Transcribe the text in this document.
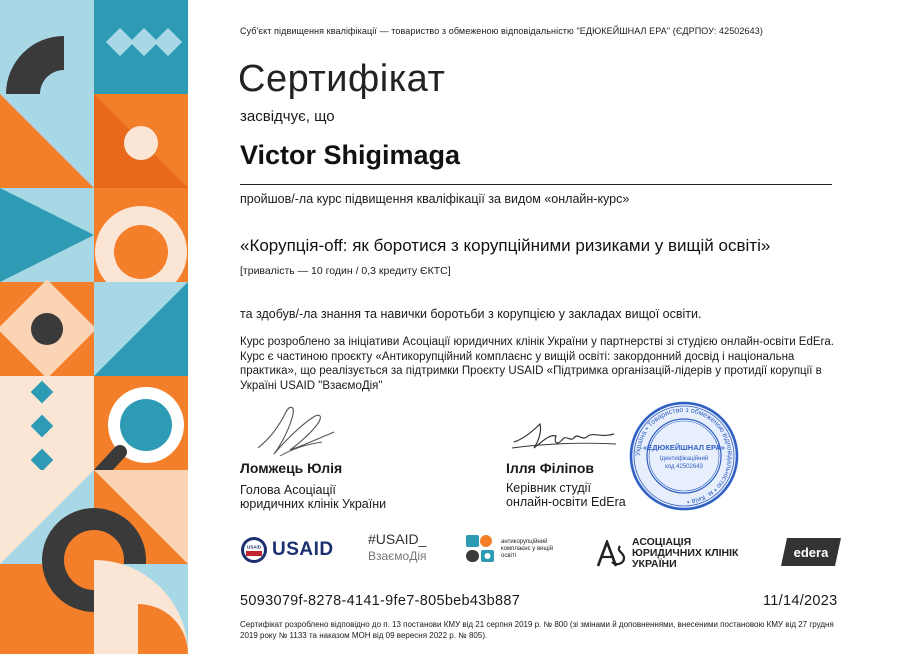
Суб'єкт підвищення кваліфікації — товариство з обмеженою відповідальністю "ЕДЮКЕЙШНАЛ ЕРА" (ЄДРПОУ: 42502643)
Сертифікат
засвідчує, що
Victor Shigimaga
пройшов/-ла курс підвищення кваліфікації за видом «онлайн-курс»
«Корупція-off: як боротися з корупційними ризиками у вищій освіті»
[тривалість — 10 годин / 0,3 кредиту ЄКТС]
та здобув/-ла знання та навички боротьби з корупцією у закладах вищої освіти.
Курс розроблено за ініціативи Асоціації юридичних клінік України у партнерстві зі студією онлайн-освіти EdEra. Курс є частиною проєкту «Антикорупційний комплаєнс у вищій освіті: закордонний досвід і національна практика», що реалізується за підтримки Проєкту USAID «Підтримка організацій-лідерів у протидії корупції в Україні USAID "ВзаємоДія"
Ломжець Юлія
Голова Асоціації
юридичних клінік України
Ілля Філіпов
Керівник студії
онлайн-освіти EdEra
Україна • Товариство з обмеженою відповідальністю • м. Київ •
«ЕДЮКЕЙШНАЛ ЕРА»
Ідентифікаційний
код 42502643
USAID USAID #USAID_
ВзаємоДія
антикорупційний комплаєнс у вищій освіті
АСОЦІАЦІЯ
ЮРИДИЧНИХ КЛІНІК
УКРАЇНИ
edera
5093079f-8278-4141-9fe7-805beb43b887	11/14/2023
Сертифікат розроблено відповідно до п. 13 постанови КМУ від 21 серпня 2019 р. № 800 (зі змінами й доповненнями, внесеними постановою КМУ від 27 грудня 2019 року № 1133 та наказом МОН від 09 вересня 2022 р. № 805).
